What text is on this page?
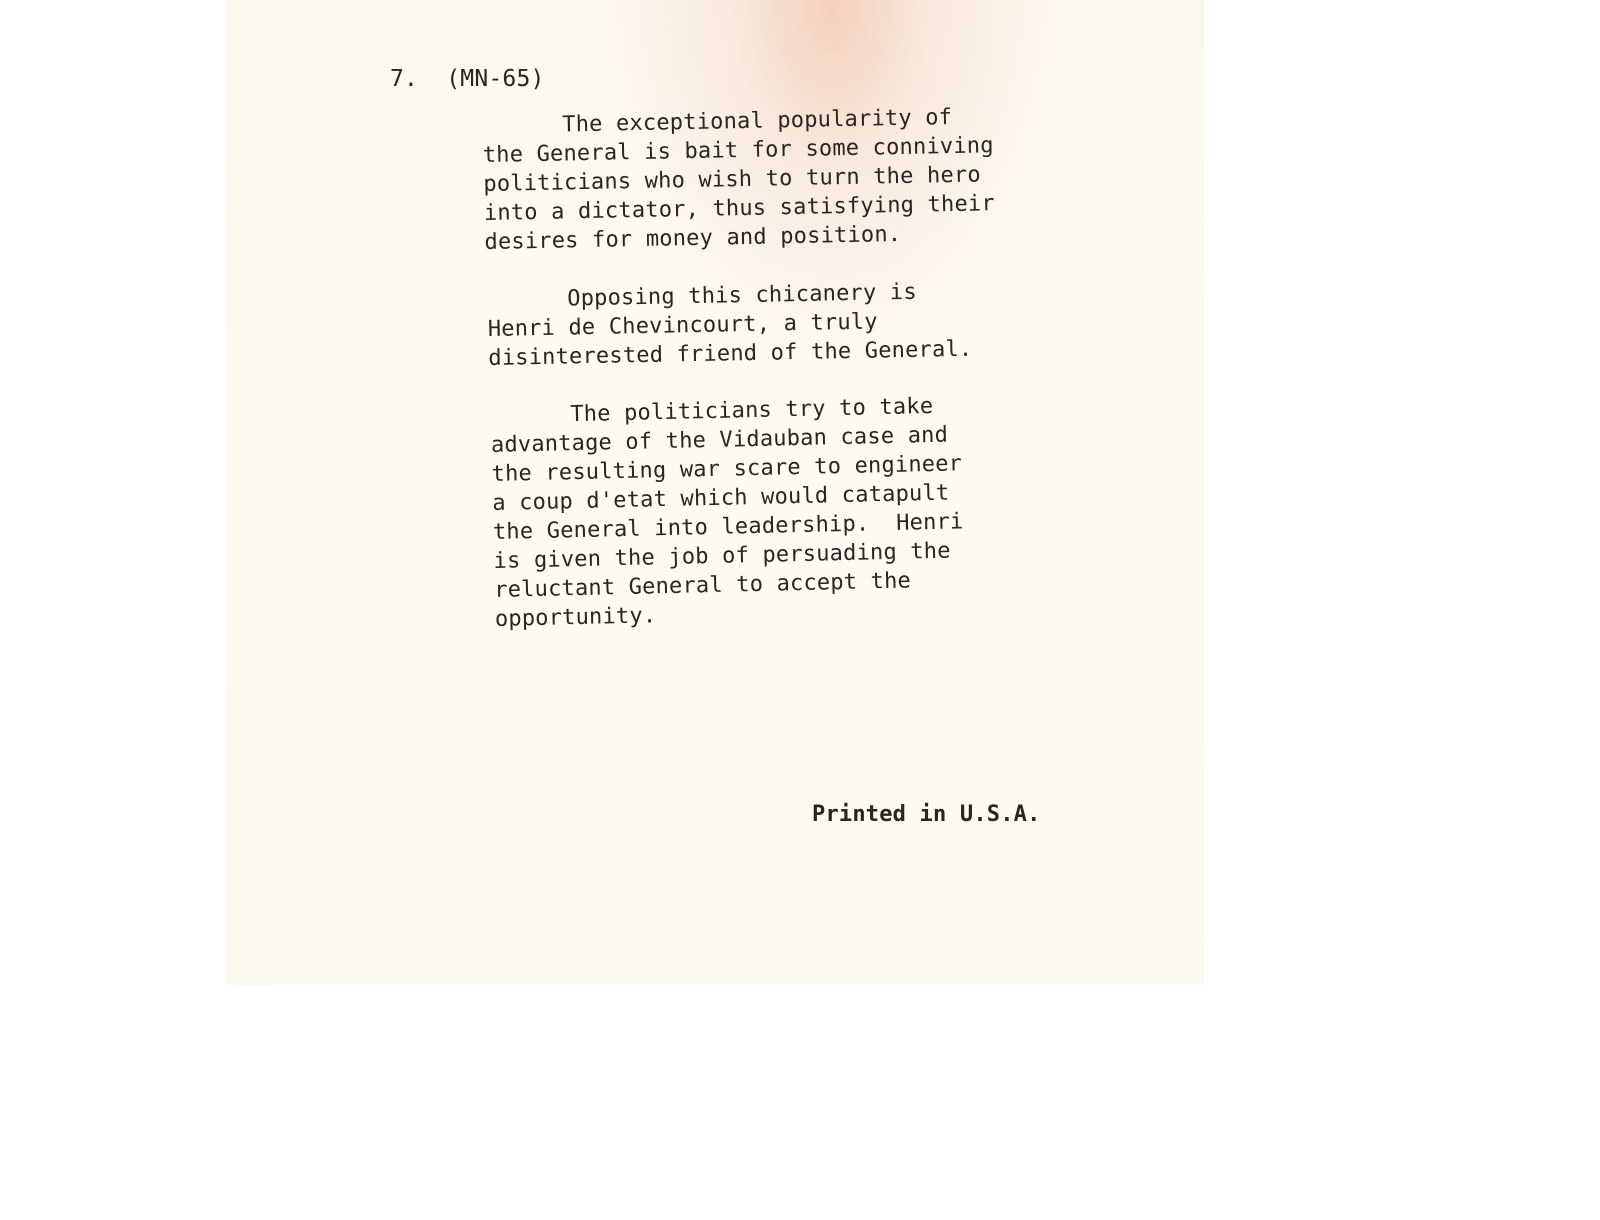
7. (MN-65)
The exceptional popularity of
the General is bait for some conniving
politicians who wish to turn the hero
into a dictator, thus satisfying their
desires for money and position.
Opposing this chicanery is
Henri de Chevincourt, a truly
disinterested friend of the General.
The politicians try to take
advantage of the Vidauban case and
the resulting war scare to engineer
a coup d'etat which would catapult
the General into leadership.  Henri
is given the job of persuading the
reluctant General to accept the
opportunity.
Printed in U.S.A.
